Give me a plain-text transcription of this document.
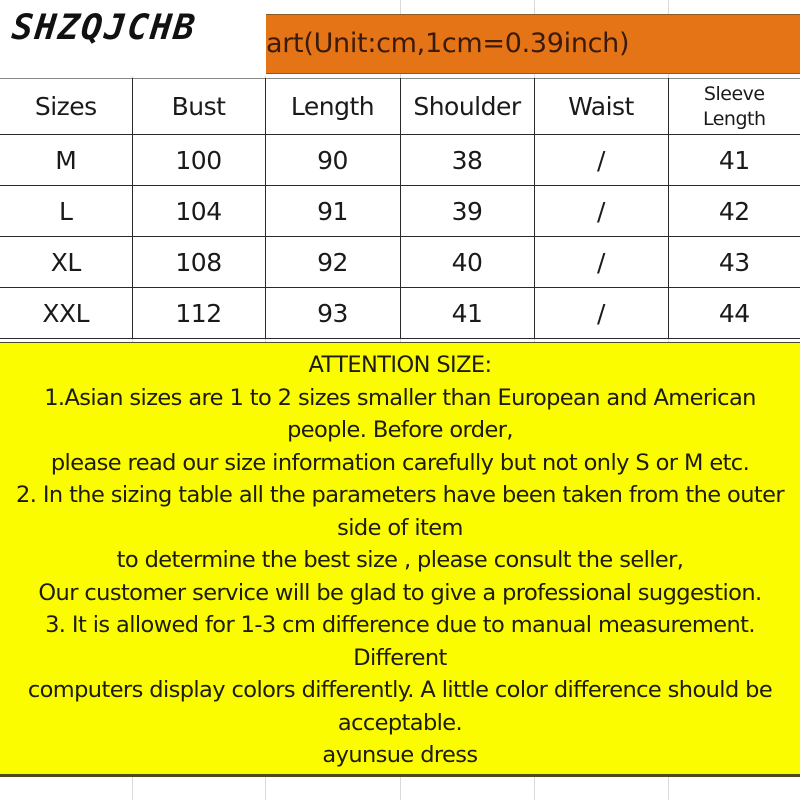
art(Unit:cm,1cm=0.39inch)
SHZQJCHB
Sizes	Bust	Length	Shoulder	Waist	Sleeve
Length

M	100	90	38	/	41
L	104	91	39	/	42
XL	108	92	40	/	43
XXL	112	93	41	/	44
ATTENTION SIZE:
1.Asian sizes are 1 to 2 sizes smaller than European and American
people. Before order,
please read our size information carefully but not only S or M etc.
2. In the sizing table all the parameters have been taken from the outer
side of item
to determine the best size , please consult the seller,
Our customer service will be glad to give a professional suggestion.
3. It is allowed for 1-3 cm difference due to manual measurement.
Different
computers display colors differently. A little color difference should be
acceptable.
ayunsue dress
